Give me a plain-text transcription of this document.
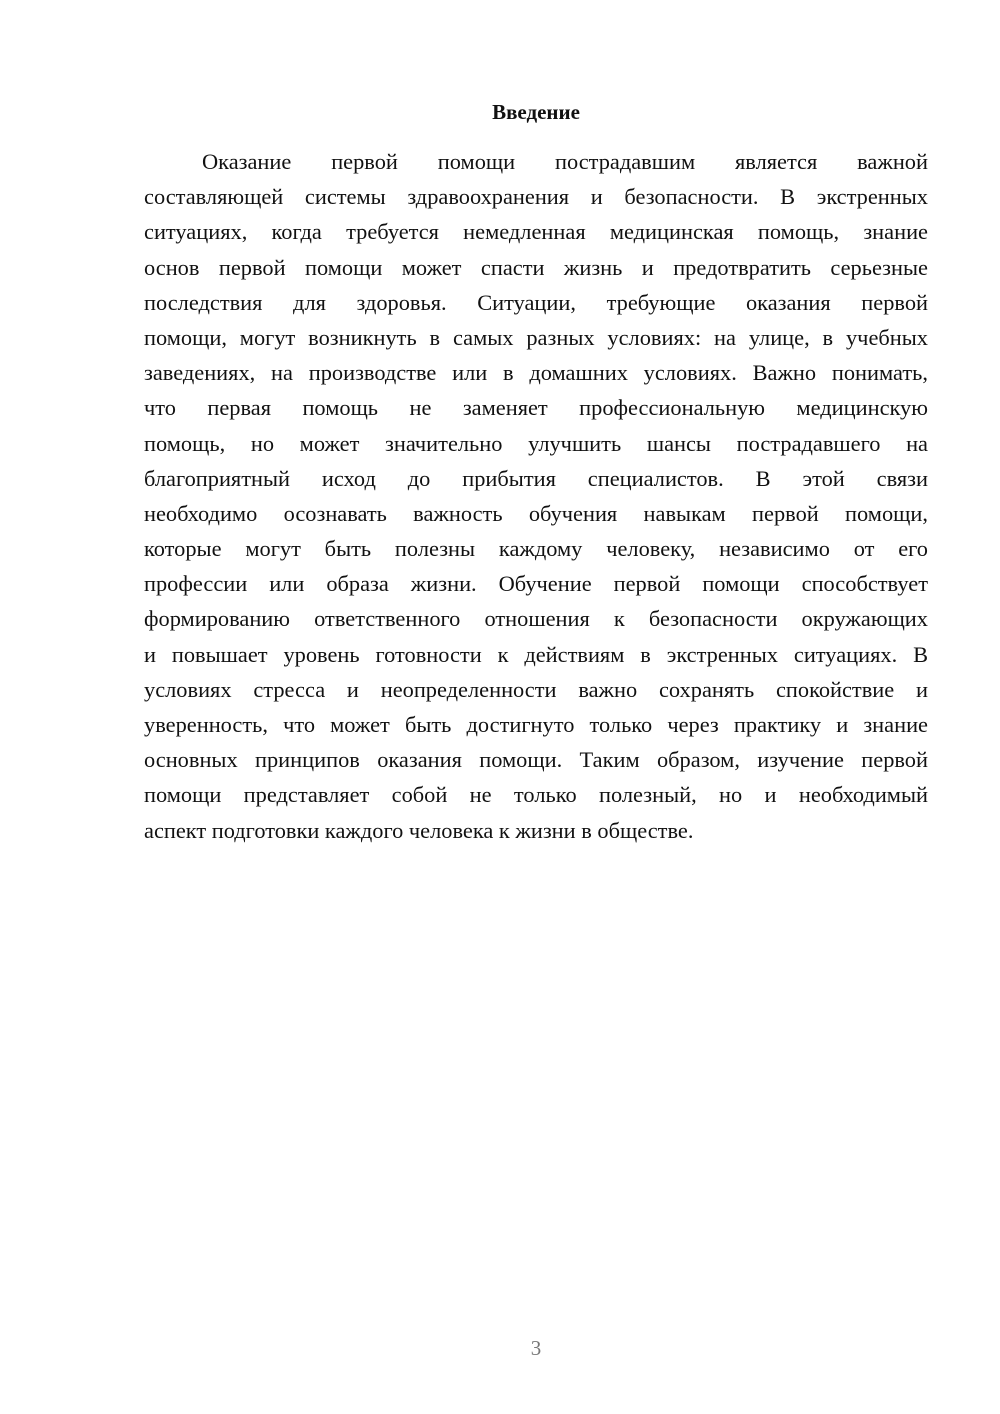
Введение
Оказание первой помощи пострадавшим является важной
составляющей системы здравоохранения и безопасности. В экстренных
ситуациях, когда требуется немедленная медицинская помощь, знание
основ первой помощи может спасти жизнь и предотвратить серьезные
последствия для здоровья. Ситуации, требующие оказания первой
помощи, могут возникнуть в самых разных условиях: на улице, в учебных
заведениях, на производстве или в домашних условиях. Важно понимать,
что первая помощь не заменяет профессиональную медицинскую
помощь, но может значительно улучшить шансы пострадавшего на
благоприятный исход до прибытия специалистов. В этой связи
необходимо осознавать важность обучения навыкам первой помощи,
которые могут быть полезны каждому человеку, независимо от его
профессии или образа жизни. Обучение первой помощи способствует
формированию ответственного отношения к безопасности окружающих
и повышает уровень готовности к действиям в экстренных ситуациях. В
условиях стресса и неопределенности важно сохранять спокойствие и
уверенность, что может быть достигнуто только через практику и знание
основных принципов оказания помощи. Таким образом, изучение первой
помощи представляет собой не только полезный, но и необходимый
аспект подготовки каждого человека к жизни в обществе.
3
